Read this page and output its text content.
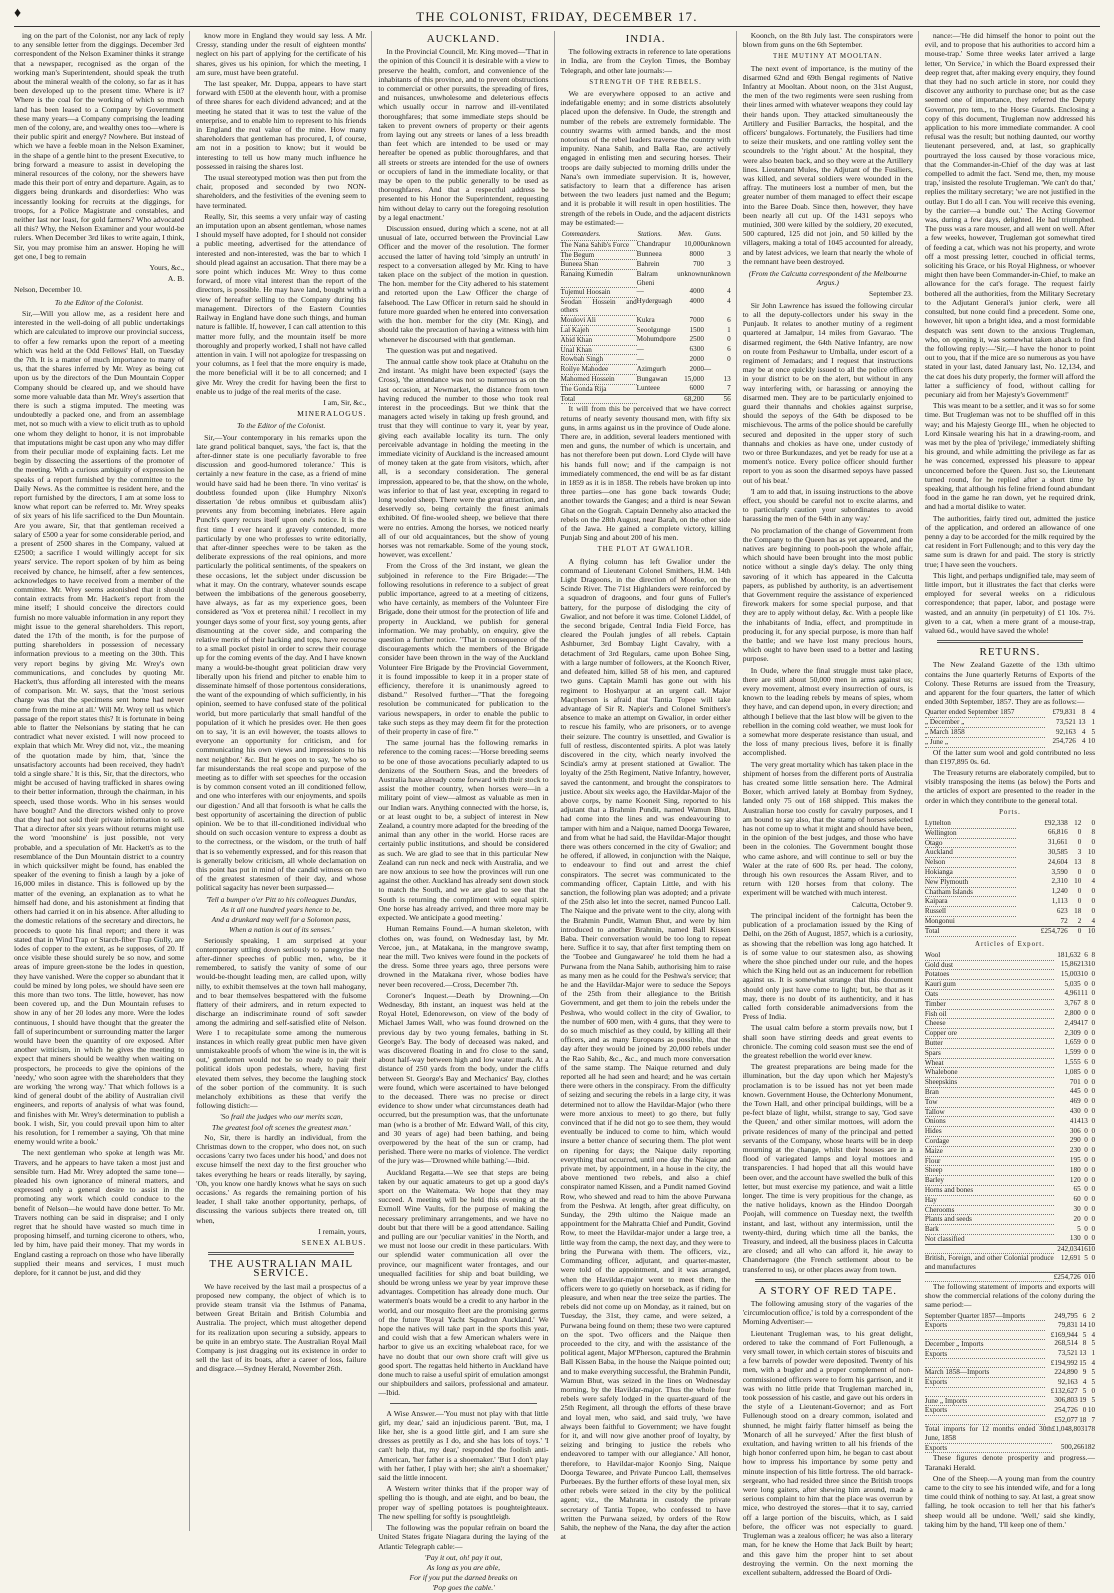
♦	THE COLONIST, FRIDAY, DECEMBER 17.

ing on the part of the Colonist, nor any lack of reply to any sensible letter from the diggings. December 3rd correspondent of the Nelson Examiner thinks it strange that a newspaper, recognised as the organ of the working man's Superintendent, should speak the truth about the mineral wealth of the colony, so far as it has been developed up to the present time. Where is it? Where is the coal for the working of which so much land has been leased to a Company by Government these many years—a Company comprising the leading men of the colony, are, and wealthy ones too—where is their public spirit and energy? Nowhere. But instead of which we have a feeble moan in the Nelson Examiner, in the shape of a gentle hint to the present Executive, to bring forward a measure to assist in developing the mineral resources of the colony, nor the shewers have made this their port of entry and departure. Again, as to diggers being drunkards and disorderlies: Who was incessantly looking for recruits at the diggings, for troops, for a Police Magistrate and constables, and neither last nor least, for gold farmers? Who advocated all this? Why, the Nelson Examiner and your would-be rulers. When December 3rd likes to write again, I think, Sir, you may promise him an answer. Hoping he will get one, I beg to remain

Yours, &c.,
A. B.
Nelson, December 10.
To the Editor of the Colonist.

Sir,—Will you allow me, as a resident here and interested in the well-doing of all public undertakings which are calculated to improve our provincial success, to offer a few remarks upon the report of a meeting which was held at the Odd Fellows' Hall, on Tuesday the 7th. It is a matter of much importance to many of us, that the shares inferred by Mr. Wrey as being cut upon us by the directors of the Dun Mountain Copper Company should be cleared up, and we should have some more valuable data than Mr. Wrey's assertion that there is such a stigma imputed. The meeting was undoubtedly a packed one, and from an assemblage met, not so much with a view to elicit truth as to uphold one whom they delight to honor, it is not improbable that imputations might be cast upon any who may differ from their peculiar mode of explaining facts. Let me begin by dissecting the assertions of the promoter of the meeting. With a curious ambiguity of expression he speaks of a report furnished by the committee to the Daily News. As the committee is resident here, and the report furnished by the directors, I am at some loss to know what report can be referred to. Mr. Wrey speaks of six years of his life sacrificed to the Dun Mountain. Are you aware, Sir, that that gentleman received a salary of £500 a year for some considerable period, and a present of 2500 shares in the Company, valued at £2500; a sacrifice I would willingly accept for six years' service. The report spoken of by him as being received by chance, he himself, after a few sentences, acknowledges to have received from a member of the committee. Mr. Wrey seems astonished that it should contain extracts from Mr. Hackett's report from the mine itself; I should conceive the directors could furnish no more valuable information in any report they might issue to the general shareholders. This report, dated the 17th of the month, is for the purpose of putting shareholders in possession of necessary information previous to a meeting on the 30th. This very report begins by giving Mr. Wrey's own communications, and concludes by quoting Mr. Hackett's, thus affording all interested with the means of comparison. Mr. W. says, that the 'most serious charge was that the specimens sent home had never come from the mine at all.' Will Mr. Wrey tell us which passage of the report states this? It is fortunate in being able to flatter the Nelsonians by stating that he can contradict what never existed. I will now proceed to explain that which Mr. Wrey did not, viz., the meaning of the quotation made by him, that, 'since the unsatisfactory accounts had been received, they hadn't told a single share.' It is this, Sir, that the directors, who might be accused of having trafficked in shares owing to their better information, through the chairman, in his speech, used those words. Who in his senses would have bought? And the directors wished only to prove that they had not sold their private information to sell. That a director after six years without returns might use the word 'moonshine' is just possible, not very probable, and a speculation of Mr. Hackett's as to the resemblance of the Dun Mountain district to a country in which quicksilver might be found, has enabled the speaker of the evening to finish a laugh by a joke of 16,000 miles in distance. This is followed up by the matter of the evening, an explanation as to what he himself had done, and his astonishment at finding that others had carried it on in his absence. After alluding to the domestic relations of the secretary and directors, he proceeds to quote his final report; and there it was stated that in Wind Trap or Starch-fiber Trap Gully, are lodes of copper to the extent, as he supposes, of 20. If once visible these should surely be so now, and some areas of impure green-stone be the lodes in question, they have vanished. Were the copper so abundant that it could be mined by long poles, we should have seen ere this more than two tons. The little, however, has now been covered up, and the Dun Mountain refuses to show in any of her 20 lodes any more. Were the lodes continuous, I should have thought that the greater the fall of superincumbent or surrounding matter the larger would have been the quantity of ore exposed. After another witticism, in which he gives the meeting to expect that miners should be wealthy when waiting on prospectors, he proceeds to give the opinions of the 'needy,' who soon agree with the shareholders that they are working 'the wrong way.' That which follows is a kind of general doubt of the ability of Australian civil engineers, and reports of analysis of what was found, and finishes with Mr. Wrey's determination to publish a book. I wish, Sir, you could prevail upon him to alter his resolution, for I remember a saying, 'Oh that mine enemy would write a book.'

The next gentleman who spoke at length was Mr. Travers, and he appears to have taken a most just and sensible turn. Had Mr. Wrey adopted the same tone—pleaded his own ignorance of mineral matters, and expressed only a general desire to assist in the promoting any work which could conduce to the benefit of Nelson—he would have done better. To Mr. Travers nothing can be said in dispraise; and I only regret that he should have wasted so much time in proposing himself, and turning cicerone to others, who, led by him, have paid their money. That my words in England casting a reproach on those who have liberally supplied their means and services, I must much deplore, for it cannot be just, and did they

know more in England they would say less. A Mr. Cressy, standing under the result of eighteen months' neglect on his part of applying for the certificate of his shares, gives us his opinion, for which the meeting, I am sure, must have been grateful.

The last speaker, Mr. Duppa, appears to have start forward with £500 at the eleventh hour, with a promise of three shares for each dividend advanced; and at the meeting he stated that it was to test the value of the enterprise, and to enable him to represent to his friends in England the real value of the mine. How many shareholders that gentleman has procured, I, of course, am not in a position to know; but it would be interesting to tell us how many much influence he possessed in raising the shares lost.

The usual stereotyped motion was then put from the chair, proposed and seconded by two NON-shareholders, and the festivities of the evening seem to have terminated.

Really, Sir, this seems a very unfair way of casting an imputation upon an absent gentleman, whose names I should myself have adopted, for I should not consider a public meeting, advertised for the attendance of interested and non-interested, was the bar to which I should plead against an accusation. That there may be a sore point which induces Mr. Wrey to thus come forward, of more vital interest than the report of the directors, is possible. He may have land, bought with a view of hereafter selling to the Company during his management. Directors of the Eastern Counties Railway in England have done such things, and human nature is fallible. If, however, I can call attention to this matter more fully, and the mountain itself be more thoroughly and properly worked, I shall not have called attention in vain. I will not apologize for trespassing on your columns, as I feel that the more enquiry is made, the more beneficial will it be to all concerned; and I give Mr. Wrey the credit for having been the first to enable us to judge of the real merits of the case.

I am, Sir, &c.,
MINERALOGUS.
To the Editor of the Colonist.

Sir,—Your contemporary in his remarks upon the late grand political banquet, says, 'the fact is, that the after-dinner state is one peculiarly favorable to free discussion and good-humored tolerance.' This is certainly a new feature in the case, as a friend of mine would have said had he been there. 'In vino veritas' is doubtless founded upon (like Humphry Nixon's dissertation 'de rebus omnibus et quibusdam aliis') prevents any from becoming inebriates. Here again Punch's query recurs itself upon one's notice. It is the first time I ever heard it gravely contended, more particularly by one who professes to write editorially, that after-dinner speeches were to be taken as the deliberate expressions of the real opinions, and more particularly the political sentiments, of the speakers on these occasions, let the subject under discussion be what it may. On the contrary, whatever sounds escape between the imbibations of the generous gooseberry, have always, as far as my experience goes, been considered as 'Vox et preterea nihil.' I recollect in my younger days some of your first, soy young gents, after dismounting at the cover side, and comparing the relative merits of their hacking and tops, have recourse to a small pocket pistol in order to screw their courage up for the coming events of the day. And I have known many a would-be-thought great politician draw very liberally upon his friend and pitcher to enable him to disseminate himself of those portentous considerations, the want of the expounding of which sufficiently, in his opinion, seemed to have confused state of the political world, but more particularly that small handful of the population of it which he presides over. He then goes on to say, 'it is an evil however, the toasts allows to everyone an opportunity for criticism, and for communicating his own views and impressions to his next neighbor.' &c. But he goes on to say, 'he who so far misunderstands the real scope and purpose of the meeting as to differ with set speeches for the occasion is by common consent voted an ill conditioned fellow, and one who interferes with our enjoyments, and spoils our digestion.' And all that forsooth is what he calls the best opportunity of ascertaining the direction of public opinion. We be to that ill-conditioned individual who should on such occasion venture to express a doubt as to the correctness, or the wisdom, or the truth of half that is so vehemently expressed, and for this reason that is generally below criticism, all whole declamation on this point has put in mind of the candid witness on two of the greatest statesmen of their day, and whose political sagacity has never been surpassed—

'Tell a bumper o'er Pitt to his colleagues Dundas,
As it all one hundred years hence to be,
And a drunkard may well for a Solomon pass,
When a nation is out of its senses.'

Seriously speaking, I am surprised at your contemporary uttling down seriously to panegyrise the after-dinner speeches of public men, who, be it remembered, to satisfy the vanity of some of our would-be-thought leading men, are called upon, willy nilly, to exhibit themselves at the town hall mahogany, and to bear themselves bespattered with the fulsome flattery of their admirers, and in return expected to discharge an indiscriminate round of soft sawder among the admiring and self-satisfied elite of Nelson. Were I to recapitulate some among the numerous instances in which really great public men have given unmistakeable proofs of whom 'the wine is in, the wit is out,' gentlemen would not be so ready to pair their political idols upon pedestals, where, having first elevated them selves, they become the laughing stock of the sober portion of the community. It is such melancholy exhibitions as these that verify the following distich:—

'So frail the judges who our merits scan,
The greatest fool oft scenes the greatest man.'

No, Sir, there is hardly an individual, from the Christmas down to the cropper, who does not, on such occasions 'carry two faces under his hood,' and does not excuse himself the next day to the first groucher who takes everything he hears or reads literally, by saying, 'Oh, you know one hardly knows what he says on such occasions.' As regards the remaining portion of his leader, I shall take another opportunity, perhaps, of discussing the various subjects there treated on, till when,

I remain, yours,
SENEX ALBUS.
THE AUSTRALIAN MAIL SERVICE.

We have received by the last mail a prospectus of a proposed new company, the object of which is to provide steam transit via the Isthmus of Panama, between Great Britain and British Columbia and Australia. The project, which must altogether depend for its realization upon securing a subsidy, appears to be quite in an embryo state. The Australian Royal Mail Company is just dragging out its existence in order to sell the last of its boats, after a career of loss, failure and disgrace.—Sydney Herald, November 26th.

AUCKLAND.

In the Provincial Council, Mr. King moved—'That in the opinion of this Council it is desirable with a view to preserve the health, comfort, and convenience of the inhabitants of this province, and to prevent obstructions to commercial or other pursuits, the spreading of fires, and nuisances, unwholesome and deleterious effects which usually occur in narrow and ill-ventilated thoroughfares; that some immediate steps should be taken to prevent owners of property or their agents from laying out any streets or lanes of a less breadth than feet which are intended to be used or may hereafter be opened as public thoroughfares, and that all streets or streets are intended for the use of owners or occupiers of land in the immediate locality, or that may be open to the public generally to be used as thoroughfares. And that a respectful address be presented to his Honor the Superintendent, requesting him without delay to carry out the foregoing resolution by a legal enactment.'

Discussion ensued, during which a scene, not at all unusual of late, occurred between the Provincial Law Officer and the mover of the resolution. The former accused the latter of having told 'simply an untruth' in respect to a conversation alleged by Mr. King to have taken place on the subject of the motion in question. The hon. member for the City adhered to his statement and retorted upon the Law Officer the charge of falsehood. The Law Officer in return said he should in future more guarded when he entered into conversation with the hon. member for the city (Mr. King), and should take the precaution of having a witness with him whenever he discoursed with that gentleman.

The question was put and negatived.

The annual cattle show took place at Otahuhu on the 2nd instant. 'As might have been expected' (says the Cross), 'the attendance was not so numerous as on the last occasion, at Newmarket, the distance from town having reduced the number to those who took real interest in the proceedings. But we think that the managers acted wisely in taking up fresh ground, and trust that they will continue to vary it, year by year, giving each available locality its turn. The only perceivable advantage in holding the meeting in the immediate vicinity of Auckland is the increased amount of money taken at the gate from visitors, which, after all, is a secondary consideration. The general impression, appeared to be, that the show, on the whole, was inferior to that of last year, excepting in regard to long wooled sheep. There were the great attraction, and deservedly so, being certainly the finest animals exhibited. Of fine-wooled sheep, we believe that there were no entries. Among the horses, we noticed nearly all of our old acquaintances, but the show of young horses was not remarkable. Some of the young stock, however, was excellent.'

From the Cross of the 3rd instant, we glean the subjoined in reference to the Fire Brigade:—'The following resolutions in reference to a subject of great public importance, agreed to at a meeting of citizens, who have certainly, as members of the Volunteer Fire Brigade, done their utmost for the protection of life and property in Auckland, we publish for general information. We may probably, on enquiry, give the question a further notice. "That in consequence of the discouragements which the members of the Brigade consider have been thrown in the way of the Auckland Volunteer Fire Brigade by the Provincial Government, it is found impossible to keep it in a proper state of efficiency, therefore it is unanimously agreed to disband." Resolved further—"That the foregoing resolution be communicated for publication to the various newspapers, in order to enable the public to take such steps as they may deem fit for the protection of their property in case of fire."'

The same journal has the following remarks in reference to the coming races:—'Horse breeding seems to be one of those avocations peculiarly adapted to us denizens of the Southern Seas, and the breeders of Australia have already come forward with their stock to assist the mother country, when horses were—in a military point of view—almost as valuable as men in our Indian wars. Anything connected with the horse, is, or at least ought to be, a subject of interest in New Zealand, a country more adapted for the breeding of the animal than any other in the world. Horse races are certainly public institutions, and should be considered as such. We are glad to see that in this particular New Zealand can run neck and neck with Australia, and we are now anxious to see how the provinces will run one against the other. Auckland has already sent down stock to match the South, and we are glad to see that the South is returning the compliment with equal spirit. One horse has already arrived, and three more may be expected. We anticipate a good meeting.'

Human Remains Found.—A human skeleton, with clothes on, was found, on Wednesday last, by Mr. Vercoe, jun., at Matakana, in the mangrove swamp, near the mill. Two knives were found in the pockets of the dress. Some three years ago, three persons were drowned in the Matakana river, whose bodies have never been recovered.—Cross, December 7th.

Coroner's Inquest.—Death by Drowning.—On Wednesday, 8th instant, an inquest was held at the Royal Hotel, Edenorewson, on view of the body of Michael James Wall, who was found drowned on the previous day by two young females, bathing in St. George's Bay. The body of deceased was naked, and was discovered floating in and fro close to the sand, about half-way between high and low water mark. At a distance of 250 yards from the body, under the cliffs between St. George's Bay and Mechanics' Bay, clothes were found, which were ascertained to have belonged to the deceased. There was no precise or direct evidence to show under what circumstances death had occurred, but the presumption was, that the unfortunate man (who is a brother of Mr. Edward Wall, of this city, and 30 years of age) had been bathing, and being overpowered by the heat of the sun or cramp, had perished. There were no marks of violence. The verdict of the jury was—'Drowned while bathing.'—Ibid.

Auckland Regatta.—We see that steps are being taken by our aquatic amateurs to get up a good day's sport on the Waitemata. We hope that they may succeed. A meeting will be held this evening at the Exmoll Wine Vaults, for the purpose of making the necessary preliminary arrangements, and we have no doubt but that there will be a good attendance. Sailing and pulling are our 'peculiar vanities' in the North, and we must not loose our credit in these particulars. With our splendid water communication all over the province, our magnificent water frontages, and our unequalled facilities for ship and boat building, we should be wrong unless we year by year improve these advantages. Competition has already done much. Our watermen's boats would be a credit to any harbor in the world, and our mosquito fleet are the promising germs of the future 'Royal Yacht Squadron Auckland.' We hope the natives will take part in the sports this year, and could wish that a few American whalers were in harbor to give us an exciting whaleboat race, for we have no doubt that our own shore craft will give us good sport. The regattas held hitherto in Auckland have done much to raise a useful spirit of emulation amongst our shipbuilders and sailors, professional and amateur.—Ibid.

A Wise Answer.—'You must not play with that little girl, my dear,' said an injudicious parent. 'But, ma, I like her, she is a good little girl, and I am sure she dresses as prettily as I do, and she has lots of toys.' 'I can't help that, my dear,' responded the foolish anti-American, 'her father is a shoemaker.' 'But I don't play with her father, I play with her; she ain't a shoemaker,' said the little innocent.

A Western writer thinks that if the proper way of spelling tho is though, and ate eight, and bo beau, the proper way of spelling potatoes is poughteighteaux. The new spelling for softly is psoughtleigh.

The following was the popular refrain on board the United States frigate Niagara during the laying of the Atlantic Telegraph cable:—

'Pay it out, oh! pay it out,
As long as you are able,
For if you put the darned breaks on
'Pop goes the cable.'
INDIA.

The following extracts in reference to late operations in India, are from the Ceylon Times, the Bombay Telegraph, and other late journals:—

STRENGTH OF THE REBELS.

We are everywhere opposed to an active and indefatigable enemy; and in some districts absolutely placed upon the defensive. In Oude, the strength and number of the rebels are extremely formidable. The country swarms with armed bands, and the most notorious of the rebel leaders traverse the country with impunity. Nana Sahib, and Balla Rao, are actively engaged in enlisting men and securing horses. Their troops are daily subjected to morning drills under the Nana's own immediate supervision. It is, however, satisfactory to learn that a difference has arisen between the two leaders just named and the Begum; and it is probable it will result in open hostilities. The strength of the rebels in Oude, and the adjacent districts may be estimated:—

Commanders.	Stations.	Men.	Guns.
The Nana Sahib's Force	Chandrapur	10,000	unknown
The Begum	Bunneea	8000	3
Buneea Shan	Bahrein	700	3
Ranaing Kumedin	Balram Gheni	unknown	unknown
Tujemul Hoosain	—	4000	4
Seodan Hossein and others	Hyderguagh	4000	4
Moulovi Ali	Kukra	7000	6
Lal Kajeh	Seoolgunge	1500	1
Abid Khan	Mohumdpore	2500	0
Unal Khan	—	6300	6
Rowbah Singh	—	2000	0
Roilye Mahodee	Azimgurh	2000	—
Mahomed Hossein	Bungawan	15,000	13
The Gonda Rija	Lunteee	6000	7
Total		68,200	56

It will from this be perceived that we have correct returns of nearly seventy thousand men, with fifty six guns, in arms against us in the province of Oude alone. There are, in addition, several leaders mentioned with men and guns, the number of which is uncertain, and has not therefore been put down. Lord Clyde will have his hands full now; and if the campaign is not immediately commenced, the end will be as far distant in 1859 as it is in 1858. The rebels have broken up into three parties—one has gone back towards Oude; another towards the Ganges; and a third is near Sewan Ghat on the Gograh. Captain Dennehy also attacked the rebels on the 28th August, near Barah, on the other side of the Jawa. He gained a complete victory, killing Punjab Sing and about 200 of his men.

THE PLOT AT GWALIOR.

A flying column has left Gwalior under the command of Lieutenant Colonel Smithers, H.M. 14th Light Dragoons, in the direction of Moorke, on the Scinde River. The 71st Highlanders were reinforced by a squadron of dragoons, and four guns of Fuller's battery, for the purpose of dislodging the city of Gwalior, and not before it was time. Colonel Liddel, of the second brigade, Central India Field Force, has cleared the Poulah jungles of all rebels. Captain Ashburner, 3rd Bombay Light Cavalry, with a detachment of 3rd Regulars, came upon Bohee Sing, with a large number of followers, at the Koonch River, and defeated him, killed 58 of his men, and captured two guns. Captain Mamli has gone out with his regiment to Hoshyarpur at an urgent call. Major Macpherson is afraid that Tantia Topee will take advantage of Sir R. Napier's and Colonel Smithers's absence to make an attempt on Gwalior, in order either to rescue his family, who are prisoners, or to avenge their seizure. The country is unsettled, and Gwalior is full of restless, discontented spirits. A plot was lately discovered in the city, which nearly involved the Scindia's army at present stationed at Gwalior. The loyalty of the 25th Regiment, Native Infantry, however, saved the cantonment, and brought the conspirators to justice. About six weeks ago, the Havildar-Major of the above corps, by name Kooneit Sing, reported to his adjutant that a Brahmin Pundit, named Wamun Bhut, had come into the lines and was endeavouring to tamper with him and a Naique, named Doorga Tewaree, and from what he had said, the Havildar-Major thought there was others concerned in the city of Gwalior; and he offered, if allowed, in conjunction with the Naique, to endeavour to find out and arrest the chief conspirators. The secret was communicated to the commanding officer, Captain Little, and with his sanction, the following plan was adopted; and a private of the 25th also let into the secret, named Puncoo Lall. The Naique and the private went to the city, along with the Brahmin Pundit, Wamun Bhut, and were by him introduced to another Brahmin, named Ball Kissen Baba. Their conversation would be too long to repeat here. Suffice it to say, that after first tempting them on the 'Toobee and Gungawaree' he told them he had a Purwana from the Nana Sahib, authorising him to raise as many men as he could for the Peshwa's service; that he and the Havildar-Major were to seduce the Sepoys of the 25th from their allegiance to the British Government, and get them to join the rebels under the Peshwa, who would collect in the city of Gwalior, to the number of 600 men, with 4 guns, that they were to do so much mischief as they could, by killing all their officers, and as many Europeans as possible, that the day after they would be joined by 20,000 rebels under the Rao Sahib, &c., &c., and much more conversation of the same stamp. The Naique returned and duly reported all he had seen and heard; and he was certain there were others in the conspiracy. From the difficulty of seizing and securing the rebels in a large city, it was determined not to allow the Havildar-Major (who there were more anxious to meet) to go there, but fully convinced that if he did not go to see them, they would eventually be induced to come to him, which would insure a better chance of securing them. The plot went on ripening for days; the Naique daily reporting everything that occurred, until one day the Naique and private met, by appointment, in a house in the city, the above mentioned two rebels, and also a chief conspirator named Kissen, and a Pundit named Govind Row, who shewed and read to him the above Purwana from the Peshwa. At length, after great difficulty, on Sunday, the 29th ultimo the Naique made an appointment for the Mahratta Chief and Pundit, Govind Row, to meet the Havildar-major under a large tree, a little way from the camp, the next day, and they were to bring the Purwana with them. The officers, viz., Commanding officer, adjutant, and quarter-master, were told of the appointment, and it was arranged, when the Havildar-major went to meet them, the officers were to go quietly on horseback, as if riding for pleasure, and when near the tree seize the parties. The rebels did not come up on Monday, as it rained, but on Tuesday, the 31st, they came, and were seized, a Purwana being found on them; these two were captured on the spot. Two officers and the Naique then proceeded to the city, and with the assistance of the political agent, Major M'Pherson, captured the Brahmin Ball Kissen Baba, in the house the Naique pointed out; and to make everything successful, the Brahmin Pundit, Wamun Bhut, was seized in the lines on Wednesday morning, by the Havildar-major. Thus the whole four rebels were safely lodged in the quarter-guard of the 25th Regiment, all through the efforts of these brave and loyal men, who said, and said truly, 'we have always been faithful to Government; we have fought for it, and will now give another proof of loyalty, by seizing and bringing to justice the rebels who endeavored to tamper with our allegiance.' All honor, therefore, to Havildar-major Koonjo Sing, Naique Doorga Tewaree, and Private Puncoo Lall, themselves Purbeeaes. By the further efforts of these loyal men, six other rebels were seized in the city by the political agent; viz., the Mahratta in custody the private secretary of Tantia Topee, who confessed to have written the Purwana seized, by orders of the Row Sahib, the nephew of the Nana, the day after the action at

Koonch, on the 8th July last. The conspirators were blown from guns on the 6th September.

THE MUTINY AT MOOLTAN.

The next event of importance, is the mutiny of the disarmed 62nd and 69th Bengal regiments of Native Infantry at Mooltan. About noon, on the 31st August, the men of the two regiments were seen rushing from their lines armed with whatever weapons they could lay their hands upon. They attacked simultaneously the Artillery and Fusilier Barracks, the hospital, and the officers' bungalows. Fortunately, the Fusiliers had time to seize their muskets, and one rattling volley sent the scoundrels to the 'right about.' At the hospital, they were also beaten back, and so they were at the Artillery lines. Lieutenant Mules, the Adjutant of the Fusiliers, was killed, and several soldiers were wounded in the affray. The mutineers lost a number of men, but the greater number of them managed to effect their escape into the Baree Doab. Since then, however, they have been nearly all cut up. Of the 1431 sepoys who mutinied, 300 were killed by the soldiery, 20 executed, 500 captured, 125 did not join, and 50 killed by the villagers, making a total of 1045 accounted for already, and by latest advices, we learn that nearly the whole of the remnant have been destroyed.

(From the Calcutta correspondent of the Melbourne Argus.)
September 23.

Sir John Lawrence has issued the following circular to all the deputy-collectors under his sway in the Punjaub. It relates to another mutiny of a regiment quartered at Jamalpur, 14 miles from Gavarao. 'The disarmed regiment, the 64th Native Infantry, are now on route from Peshawur to Umballa, under escort of a regiment of Jemadars; and I request that instructions may be at once quickly issued to all the police officers in your district to be on the alert, but without in any way interfering with, or harassing or annoying the disarmed men. They are to be particularly enjoined to guard their thannahs and chokies against surprise, should the sepoys of the 64th be disposed to be mischievous. The arms of the police should be carefully secured and deposited in the upper story of such thannahs and chokies as have one, under custody of two or three Burkundazes, and yet be ready for use at a moment's notice. Every police officer should further report to you as soon the disarmed sepoys have passed out of his beat.'

'I am to add that, in issuing instructions to the above effect, you should be careful not to excite alarms, and to particularly caution your subordinates to avoid harassing the men of the 64th in any way.'

No proclamation of the change of Government from the Company to the Queen has as yet appeared, and the natives are beginning to pooh-pooh the whole affair, which should have been brought into the most public notice without a single day's delay. The only thing savoring of it which has appeared in the Calcutta papers, as published by authority, is an advertisement that Government require the assistance of experienced firework makers for some special purpose, and that they are to apply without delay, &c. With a people like the inhabitants of India, effect, and promptitude in producing it, for any special purpose, is more than half the battle; and we have lost many precious hours, which ought to have been used to a better and lasting purpose.

In Oude, where the final struggle must take place, there are still about 50,000 men in arms against us; every movement, almost every insurrection of ours, is known to the leading rebels by means of spies, whom they have, and can depend upon, in every direction; and although I believe that the last blow will be given to the rebellion in the coming cold weather, we must look for a somewhat more desperate resistance than usual, and the loss of many precious lives, before it is finally accomplished.

The very great mortality which has taken place in the shipment of horses from the different ports of Australia has created some little sensation here. The Admiral Boxer, which arrived lately at Bombay from Sydney, landed only 75 out of 168 shipped. This makes the Australian horse too costly for cavalry purposes, and I am bound to say also, that the stamp of horses selected has not come up to what it might and should have been, in the opinion of the best judges, and those who have been in the colonies. The Government bought those who came ashore, and will continue to sell or buy the Waler at the rate of 600 Rs. per head. The colony, through his own resources the Assam River, and to return with 120 horses from that colony. The experiment will be watched with much interest.

Calcutta, October 9.

The principal incident of the fortnight has been the publication of a proclamation issued by the King of Delhi, on the 26th of August, 1857, which is a curiosity, as showing that the rebellion was long ago hatched. It is of some value to our statesmen also, as showing where the shoe pinched under our rule, and the hopes which the King held out as an inducement for rebellion against us. It is somewhat strange that this document should only just have come to light; but, be that as it may, there is no doubt of its authenticity, and it has called forth considerable animadversions from the Press of India.

The usual calm before a storm prevails now, but I shall soon have stirring deeds and great events to chronicle. The coming cold season must see the end of the greatest rebellion the world ever knew.

The greatest preparations are being made for the illumination, but the day upon which her Majesty's proclamation is to be issued has not yet been made known. Government House, the Ochterlony Monument, the Town Hall, and other principal buildings, will be a pe-fect blaze of light, whilst, strange to say, 'God save the Queen,' and other similar mottoes, will adorn the private residences of many of the principal and petted servants of the Company, whose hearts will be in deep mourning at the change, whilst their houses are in a flood of variegated lamps and loyal mottoes and transparencies. I had hoped that all this would have been over, and the account have swelled the bulk of this letter, but must exercise my patience, and wait a little longer. The time is very propitious for the change, as the native holidays, known as the Hindoo Doorgah Poojah, will commence on Tuesday next, the twelfth instant, and last, without any intermission, until the twenty-third, during which time all the banks, the Treasury, and indeed, all the business places in Calcutta are closed; and all who can afford it, hie away to Chandernagore (the French settlement about to be transferred to us), or other places away from town.

A STORY OF RED TAPE.

The following amusing story of the vagaries of the 'circumlocution office,' is told by a correspondent of the Morning Advertiser:—

Lieutenant Trugleman was, to his great delight, ordered to take the command of Fort Fullenough, a very small tower, in which certain stores of biscuits and a few barrels of powder were deposited. Twenty of his men, with a bugler and a proper complement of non-commissioned officers were to form his garrison, and it was with no little pride that Trugleman marched in, took possession of his castle, and gave out his orders in the style of a Lieutenant-Governor; and as Fort Fullenough stood on a dreary common, isolated and shunned, he might fairly flatter himself as being the 'Monarch of all he surveyed.' After the first blush of exultation, and having written to all his friends of the high honor conferred upon him, he began to cast about how to impress his importance by some petty and minute inspection of his little fortress. The old barrack-sergeant, who had resided three since the British troops were long gaiters, after shewing him around, made a serious complaint to him that the place was overrun by mice, who destroyed the stores—that it to say, carried off a large portion of the biscuits, which, as I said before, the officer was not especially to guard. Trugleman was a zealous officer; he was also a literary man, for he knew the Home that Jack Built by heart; and this gave him the proper hint to set about destroying the vermin. On the next morning the excellent subaltern, addressed the Board of Ordi-

nance:—'He did himself the honor to point out the evil, and to propose that his authorities to accord him a mouse-trap.' Some three weeks later arrived a large letter, 'On Service,' in which the Board expressed their deep regret that, after making every enquiry, they found that they had no such article in store, nor could they discover any authority to purchase one; but as the case seemed one of importance, they referred the Deputy Governor, pro tem., to the Horse Guards. Enclosing a copy of this document, Trugleman now addressed his application to his more immediate commander. A cool refusal was the result; but nothing daunted, our worthy lieutenant persevered, and, at last, so graphically pourtrayed the loss caused by those voracious mice, that the Commander-in-Chief of the day was at last compelled to admit the fact. 'Send me, then, my mouse trap,' insisted the resolute Trugleman. 'We can't do that,' replies the military secretary; 'we are not justified in the outlay. But I do all I can. You will receive this evening, by the carrier—a bundle out.' The Acting Governor was, during a few days, delighted. He had triumphed. The puss was a rare mouser, and all went on well. After a few weeks, however, Trugleman got somewhat tired of feeding a cat, which was not his property, and wrote off a most pressing letter, couched in official terms, soliciting his Grace, or his Royal Highness, or whoever might then have been Commander-in-Chief, to make an allowance for the cat's forage. The request fairly bothered all the authorities, from the Military Secretary to the Adjutant General's junior clerk, were all consulted, but none could find a precedent. Some one, however, hit upon a bright idea, and a most formidable despatch was sent down to the anxious Trugleman, who, on opening it, was somewhat taken aback to find the following reply:—'Sir,—I have the honor to point out to you, that if the mice are so numerous as you have stated in your last, dated January last, No. 12,134, and the cat does his duty properly, the former will afford the latter a sufficiency of food, without calling for pecuniary aid from her Majesty's Government!'

This was meant to be a settler, and it was so for some time. But Trugleman was not to be shuffled off in this way; and his Majesty George III., when he objected to Lord Kinsale wearing his hat in a drawing-room, and was met by the plea of 'privilege,' immediately shifting his ground, and while admitting the privilege as far as he was concerned, expressed his pleasure to appear unconcerned before the Queen. Just so, the Lieutenant turned round, for he replied after a short time by speaking, that although his feline friend found abundant food in the game he ran down, yet he required drink, and had a mortal dislike to water.

The authorities, fairly tired out, admitted the justice of the application, and ordered an allowance of one penny a day to be accorded for the milk required by the cat resident in Fort Fullenough; and to this very day the same sum is drawn for and paid. The story is strictly true; I have seen the vouchers.

This light, and perhaps undignified tale, may seem of little import, but it illustrates the fact that clerks were employed for several weeks on a ridiculous correspondence; that paper, labor, and postage were wasted, and an annuity (in perpetuity) of £1 10s. 7½. given to a cat, when a mere grant of a mouse-trap, valued 6d., would have saved the whole!

RETURNS.

The New Zealand Gazette of the 13th ultimo contains the June quarterly Returns of Exports of the Colony. These Returns are issued from the Treasury, and apparent for the four quarters, the latter of which ended 30th September, 1857. They are as follows:—

Quarter ended September 1857	£79,831	8	4
„ December „	73,521	13	1
„ March 1858	92,163	4	5
„ June „	254,726	4	10

Of the latter sum wool and gold contributed no less than £197,895 0s. 6d.

The Treasury returns are elaborately compiled, but to visibly transposing the items (as below) the Ports and the articles of export are presented to the reader in the order in which they contribute to the general total.

Ports.
Lyttelton	£92,338	12	0
Wellington	66,816	0	8
Otago	31,661	0	0
Auckland	30,585	3	10
Nelson	24,604	13	8
Hokianga	3,590	0	0
New Plymouth	2,310	10	4
Chatham Islands	1,240	0	0
Kaipara	1,113	0	0
Russell	623	18	0
Mongonui	72	2	4
Total	£254,726	0	10
Articles of Export.
Wool	181,632	6	8
Gold dust	15,862	13	10
Potatoes	15,003	10	0
Kauri gum	5,035	0	0
Oats	4,961	11	0
Timber	3,767	8	0
Fish oil	2,800	0	0
Cheese	2,494	17	0
Copper ore	2,309	0	0
Butter	1,659	0	0
Spars	1,599	0	0
Wheat	1,555	6	0
Whalebone	1,085	0	0
Sheepskins	701	0	0
Bran	445	0	0
Tow	469	0	0
Tallow	430	0	0
Onions	414	13	0
Hides	306	0	0
Cordage	290	0	0
Maize	230	0	0
Flour	195	0	0
Sheep	180	0	0
Barley	120	0	0
Horns and bones	65	0	0
Hay	60	0	0
Cherooms	30	0	0
Plants and seeds	20	0	0
Bark	5	0	0
Not classified	130	0	0
	242,034	16	10
British, Foreign, and other Colonial produce and manufactures	12,691	5	0
	£254,726	0	10

The following statement of imports and exports will show the commercial relations of the colony during the same period:—

September Quarter 1857—Imports	249,795	6	2
Exports	79,831	14	10
	£169,944	5	4
December „ Imports	268,514	8	5
Exports	73,521	13	1
	£194,992	15	4
March 1858—Imports	224,890	9	5
Exports	92,163	4	5
	£132,627	5	0
June „ Imports	306,803	19	5
Exports	254,726	0	10
	£52,077	18	7
Total imports for 12 months ended 30th June, 1858	£1,048,803	17	8
Exports	500,266	18	2

These figures denote prosperity and progress.—Taranaki Herald.

One of the Sheep.—A young man from the country came to the city to see his intended wife, and for a long time could think of nothing to say. At last, a great snow falling, he took occasion to tell her that his father's sheep would all be undone. 'Well,' said she kindly, taking him by the hand, 'I'll keep one of them.'
